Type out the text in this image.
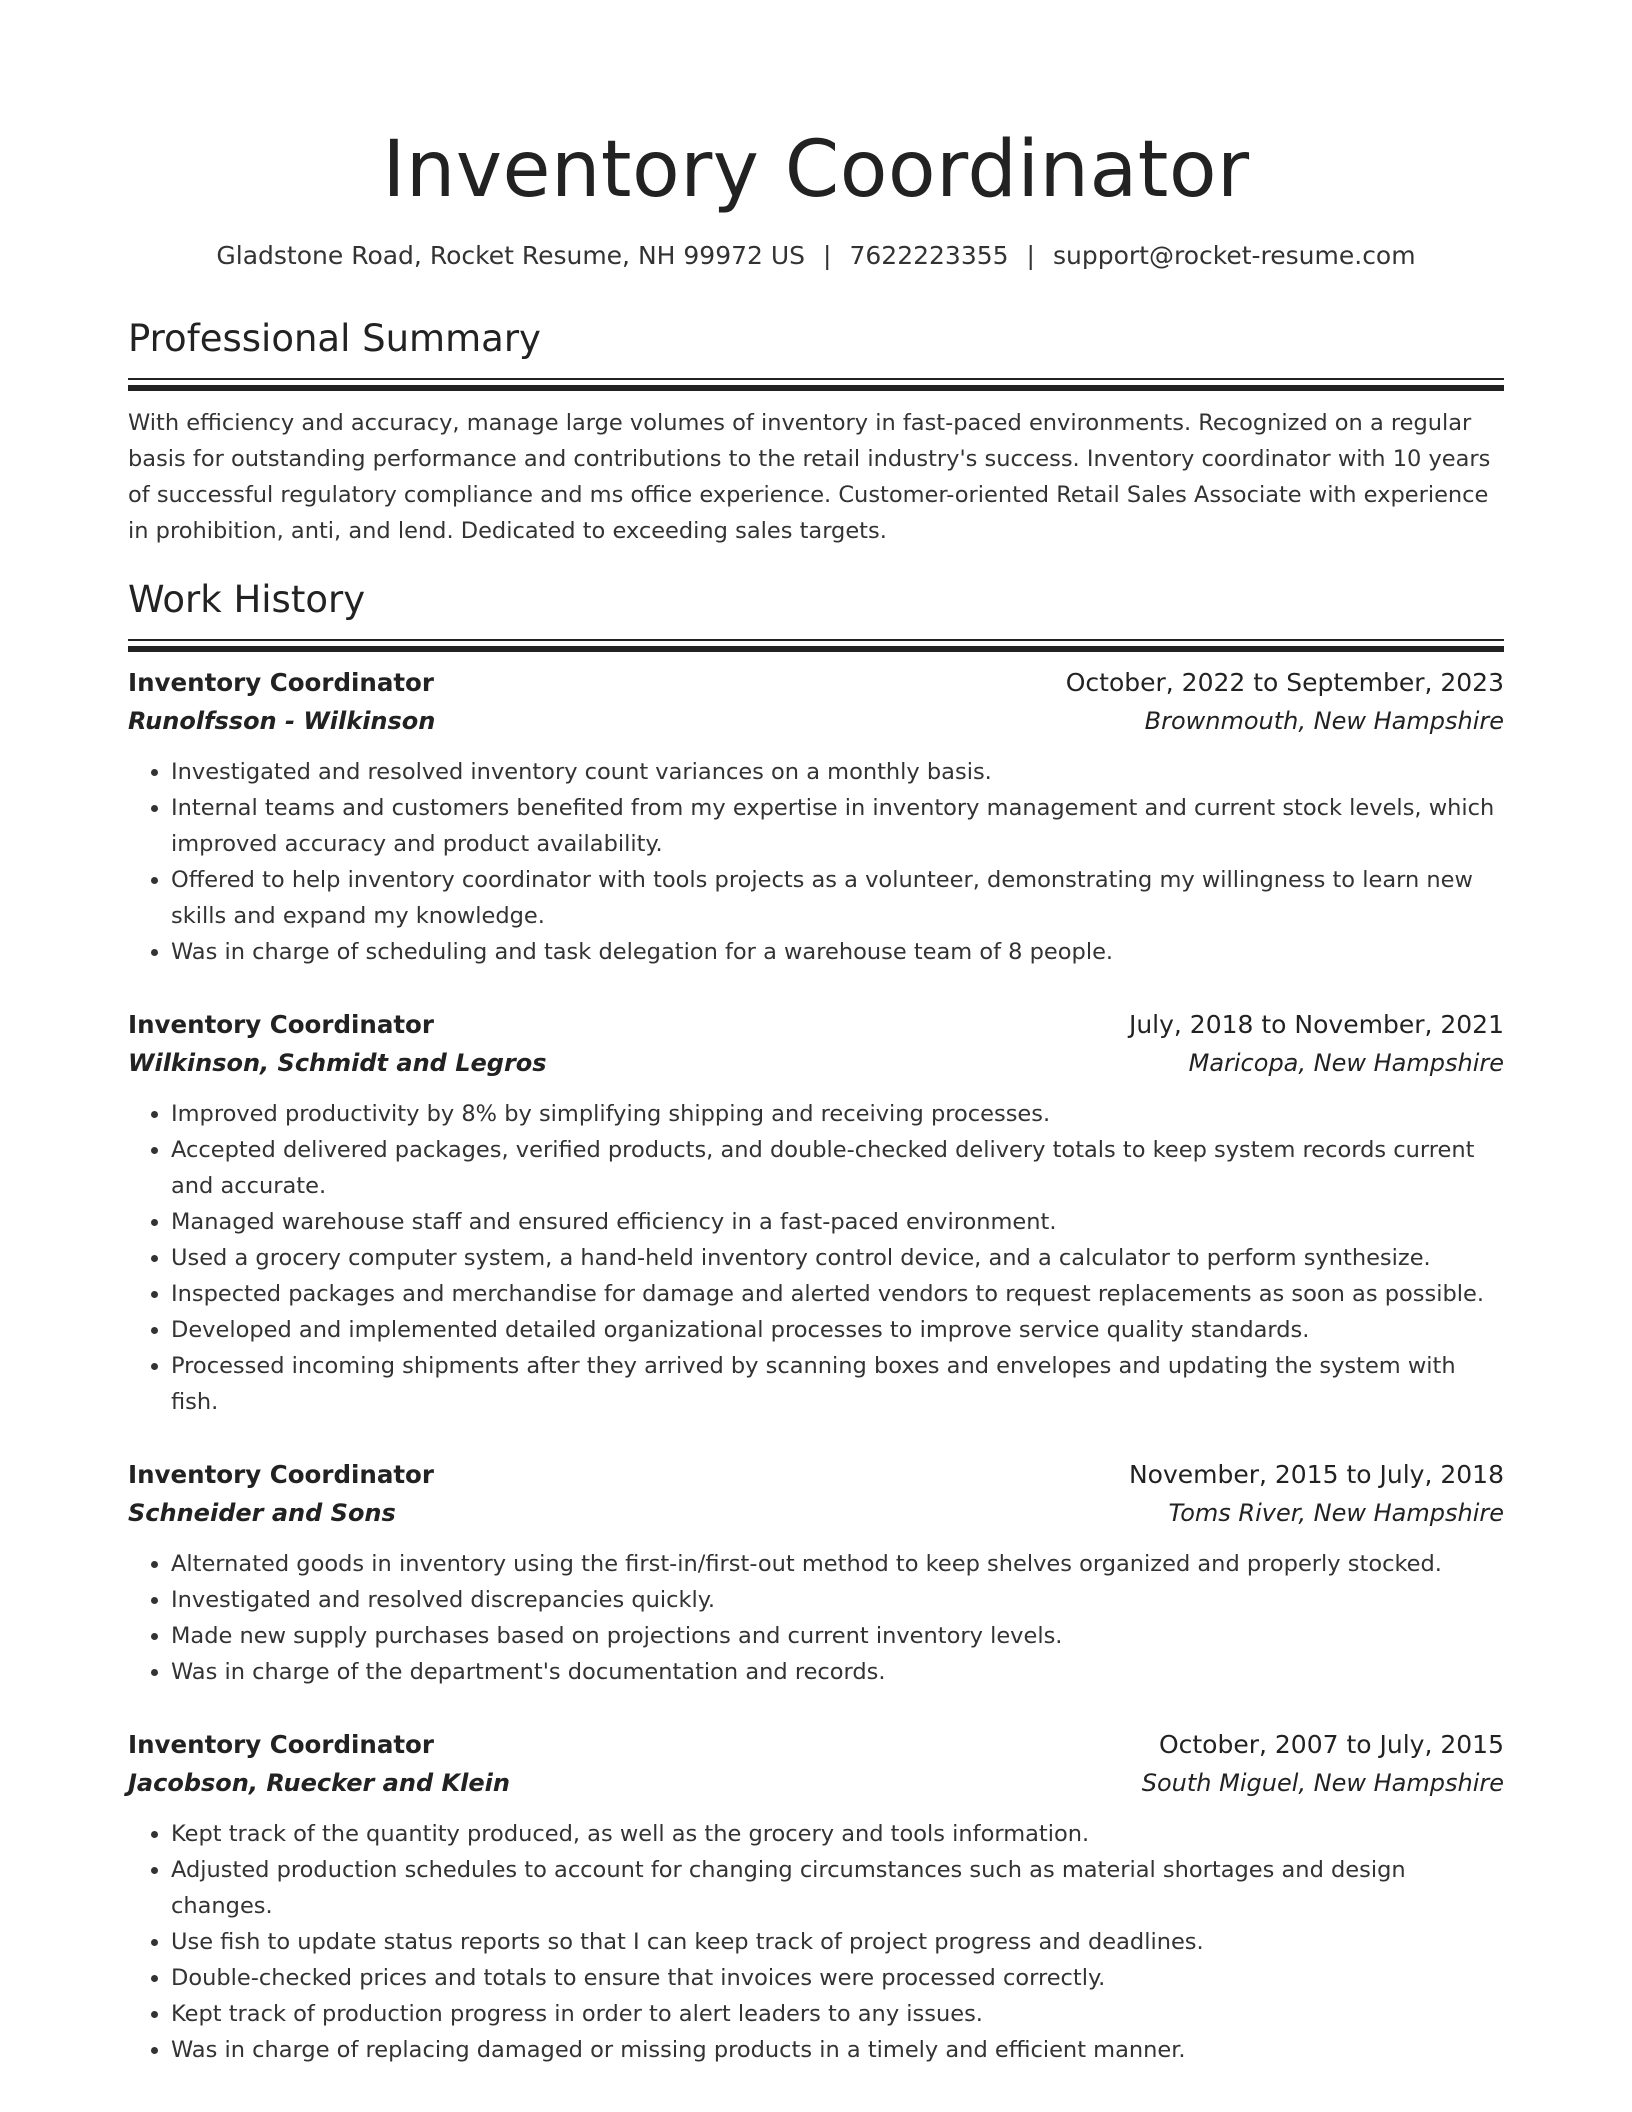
Inventory Coordinator
Gladstone Road, Rocket Resume, NH 99972 US | 7622223355 | support@rocket-resume.com
Professional Summary

With efficiency and accuracy, manage large volumes of inventory in fast-paced environments. Recognized on a regular basis for outstanding performance and contributions to the retail industry's success. Inventory coordinator with 10 years of successful regulatory compliance and ms office experience. Customer-oriented Retail Sales Associate with experience in prohibition, anti, and lend. Dedicated to exceeding sales targets.

Work History
Inventory Coordinator	October, 2022 to September, 2023
Runolfsson - Wilkinson	Brownmouth, New Hampshire
• Investigated and resolved inventory count variances on a monthly basis.
• Internal teams and customers benefited from my expertise in inventory management and current stock levels, which improved accuracy and product availability.
• Offered to help inventory coordinator with tools projects as a volunteer, demonstrating my willingness to learn new skills and expand my knowledge.
• Was in charge of scheduling and task delegation for a warehouse team of 8 people.
Inventory Coordinator	July, 2018 to November, 2021
Wilkinson, Schmidt and Legros	Maricopa, New Hampshire
• Improved productivity by 8% by simplifying shipping and receiving processes.
• Accepted delivered packages, verified products, and double-checked delivery totals to keep system records current and accurate.
• Managed warehouse staff and ensured efficiency in a fast-paced environment.
• Used a grocery computer system, a hand-held inventory control device, and a calculator to perform synthesize.
• Inspected packages and merchandise for damage and alerted vendors to request replacements as soon as possible.
• Developed and implemented detailed organizational processes to improve service quality standards.
• Processed incoming shipments after they arrived by scanning boxes and envelopes and updating the system with fish.
Inventory Coordinator	November, 2015 to July, 2018
Schneider and Sons	Toms River, New Hampshire
• Alternated goods in inventory using the first-in/first-out method to keep shelves organized and properly stocked.
• Investigated and resolved discrepancies quickly.
• Made new supply purchases based on projections and current inventory levels.
• Was in charge of the department's documentation and records.
Inventory Coordinator	October, 2007 to July, 2015
Jacobson, Ruecker and Klein	South Miguel, New Hampshire
• Kept track of the quantity produced, as well as the grocery and tools information.
• Adjusted production schedules to account for changing circumstances such as material shortages and design changes.
• Use fish to update status reports so that I can keep track of project progress and deadlines.
• Double-checked prices and totals to ensure that invoices were processed correctly.
• Kept track of production progress in order to alert leaders to any issues.
• Was in charge of replacing damaged or missing products in a timely and efficient manner.
